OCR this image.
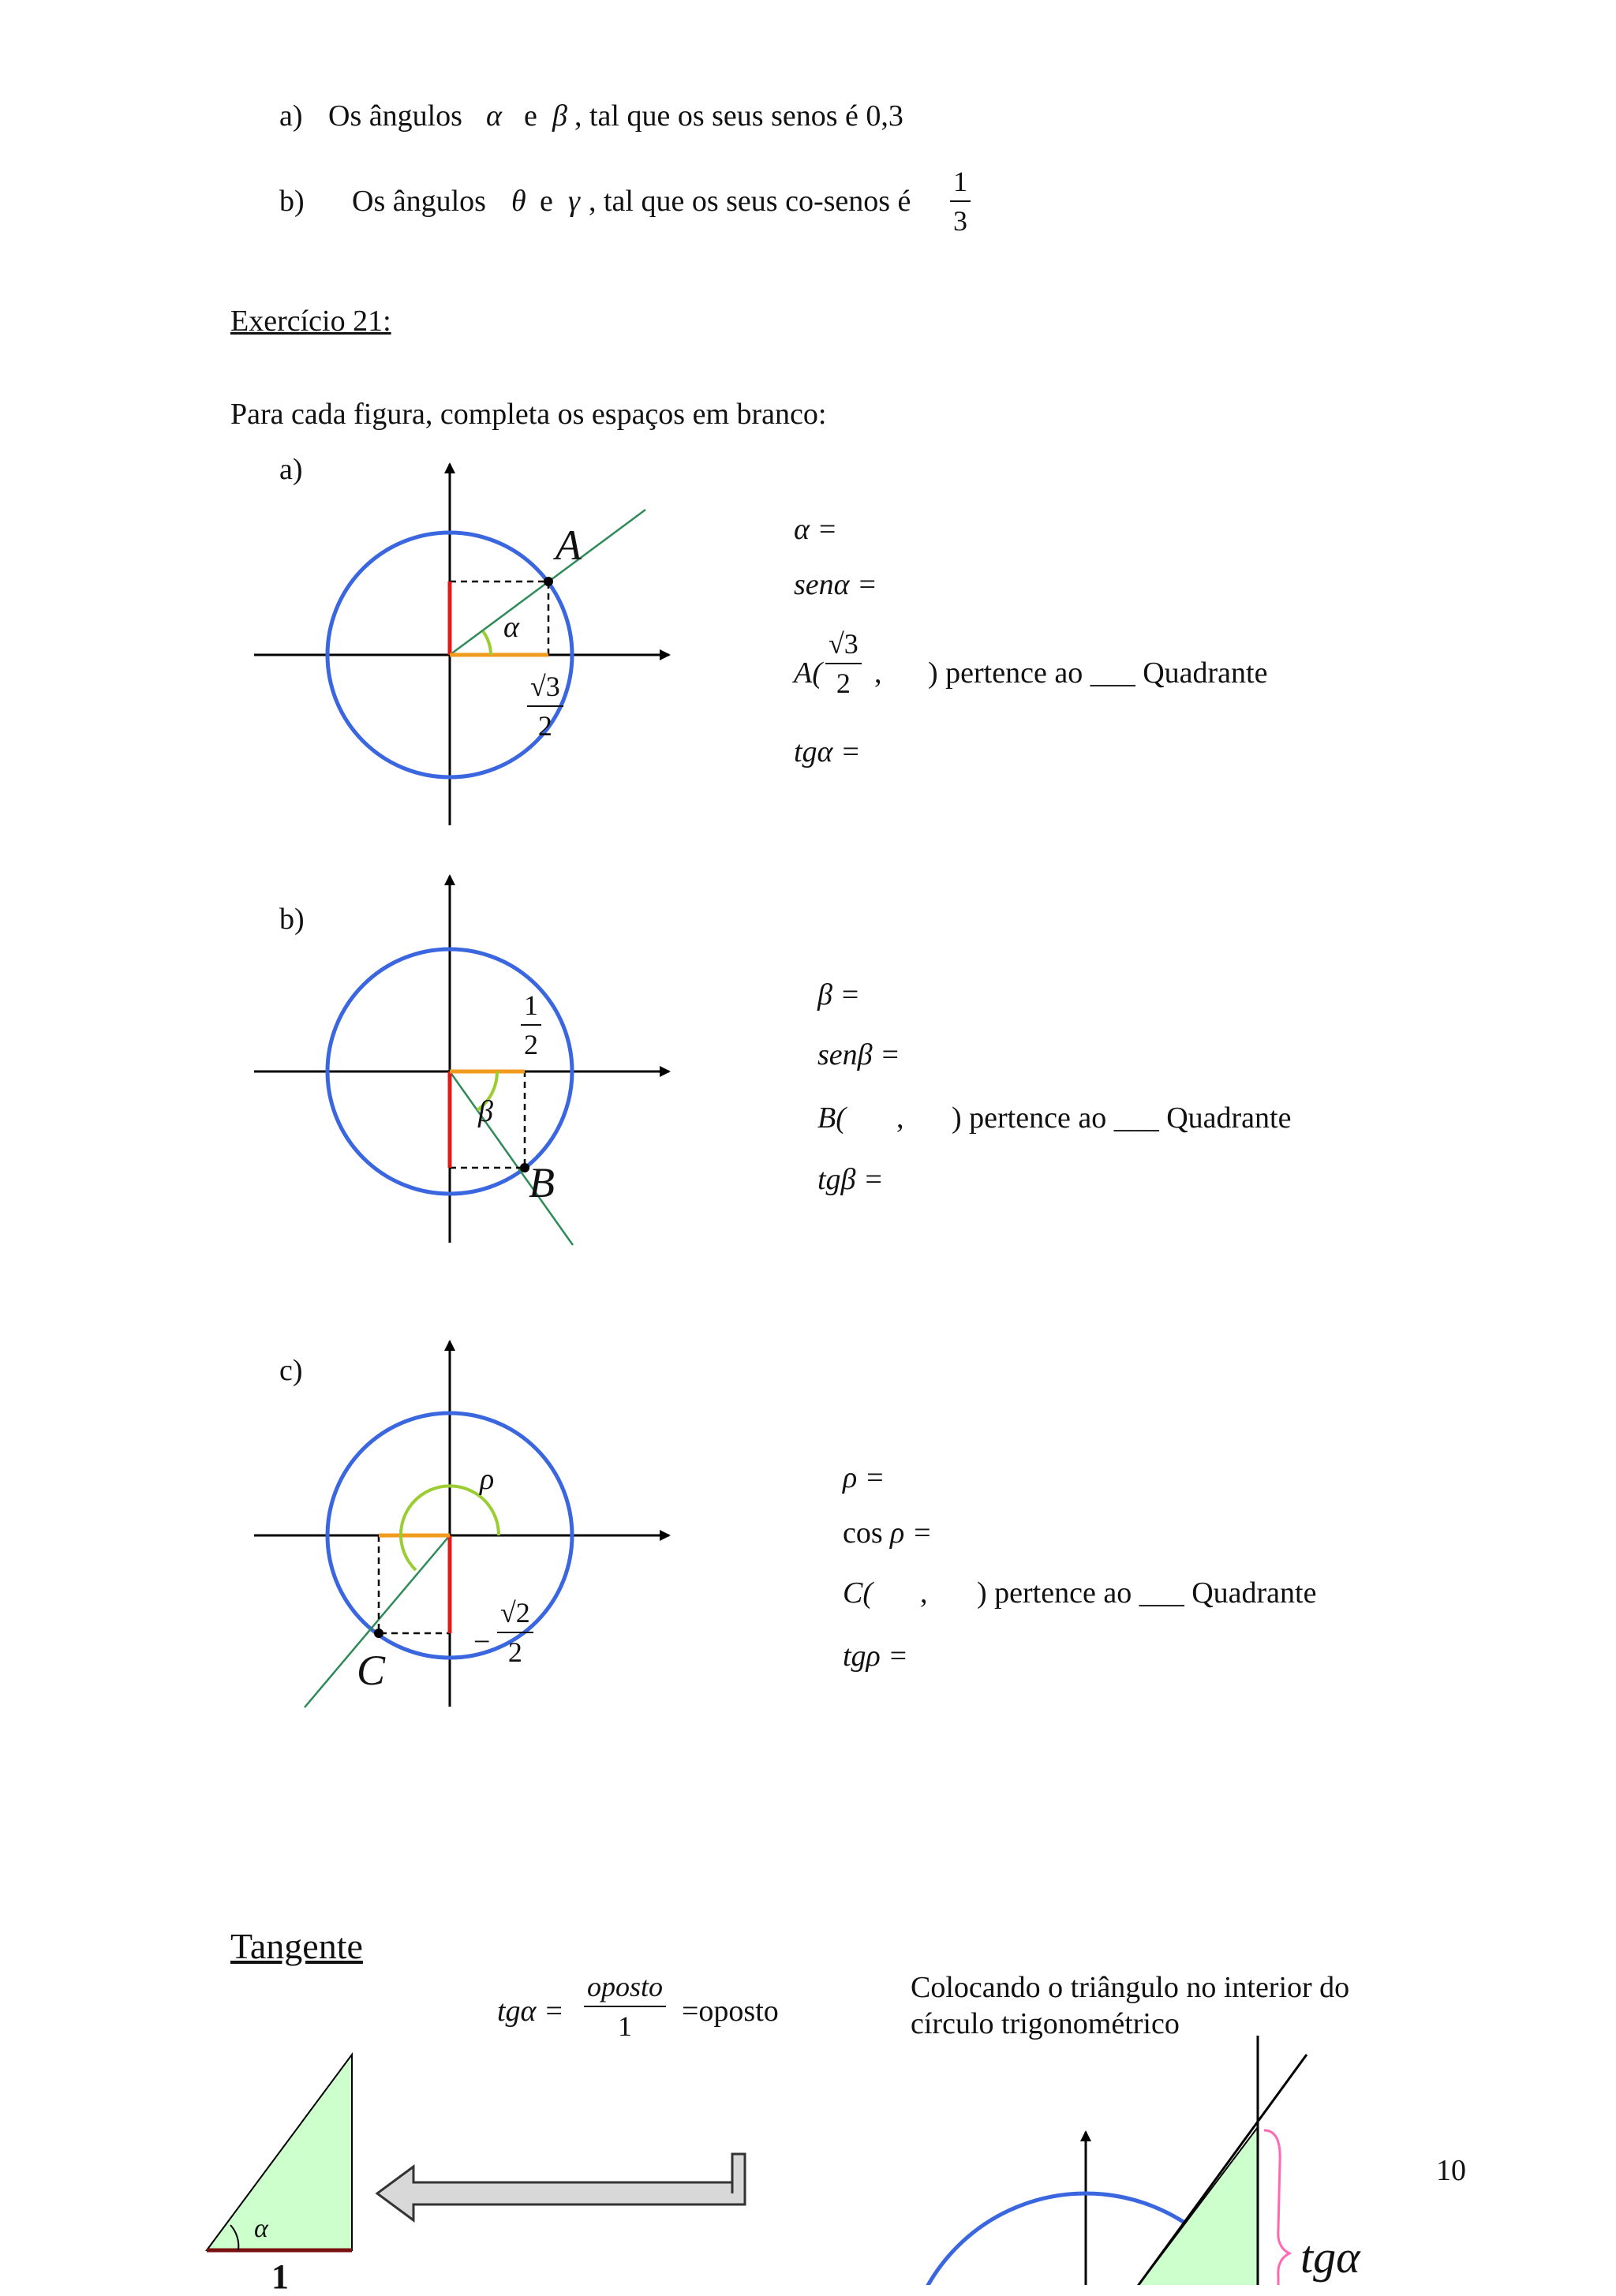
a) Os ângulos α e β , tal que os seus senos é 0,3
b) Os ângulos θ e γ , tal que os seus co-senos é $\frac{1}{3}$
Exercício 21:
Para cada figura, completa os espaços em branco:
a)
A
α
$\frac{√3}{2}$
α =
senα =
$A( \frac{√3}{2}$ , ) pertence ao ___ Quadrante
tgα =
b)
$\frac{1}{2}$
β
B
β =
senβ =
B( , ) pertence ao ___ Quadrante
tgβ =
c)
ρ
C
− $\frac{√2}{2}$
ρ =
cos ρ =
C( , ) pertence ao ___ Quadrante
tgρ =
Tangente
tgα =
oposto
1 =oposto
Colocando o triângulo no interior do
círculo trigonométrico
α
1	tgα
10
